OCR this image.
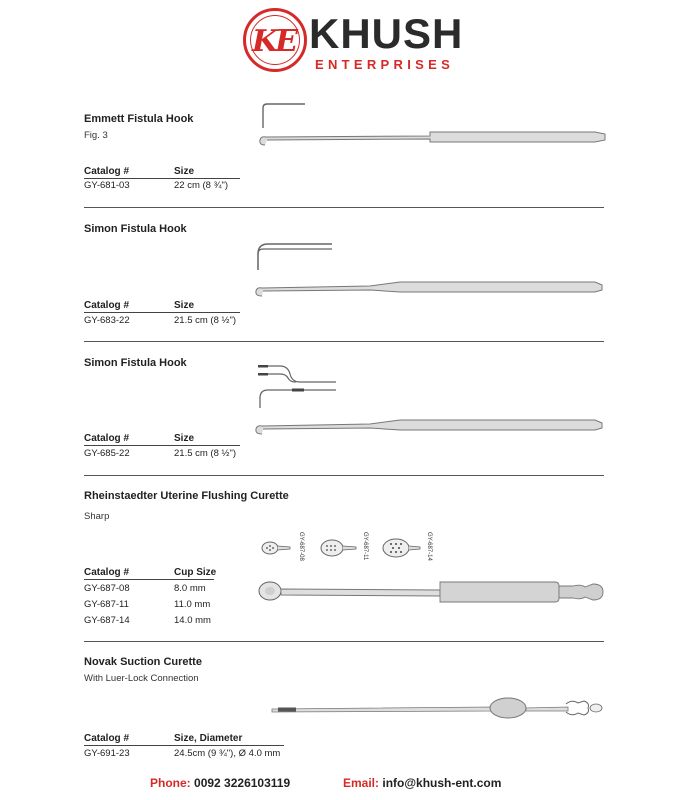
KE KHUSH
ENTERPRISES
Emmett Fistula Hook
Fig. 3
Catalog #	Size
GY-681-03	22 cm (8 ¾")
Simon Fistula Hook
Catalog #	Size
GY-683-22	21.5 cm (8 ½")
Simon Fistula Hook
Catalog #	Size
GY-685-22	21.5 cm (8 ½")
Rheinstaedter Uterine Flushing Curette
Sharp
Catalog #	Cup Size
GY-687-08	8.0 mm
GY-687-11	11.0 mm
GY-687-14	14.0 mm
GY-687-08	GY-687-11	GY-687-14
Novak Suction Curette
With Luer-Lock Connection
Catalog #	Size, Diameter
GY-691-23	24.5cm (9 ¾"), Ø 4.0 mm
Phone: 0092 3226103119	Email: info@khush-ent.com
